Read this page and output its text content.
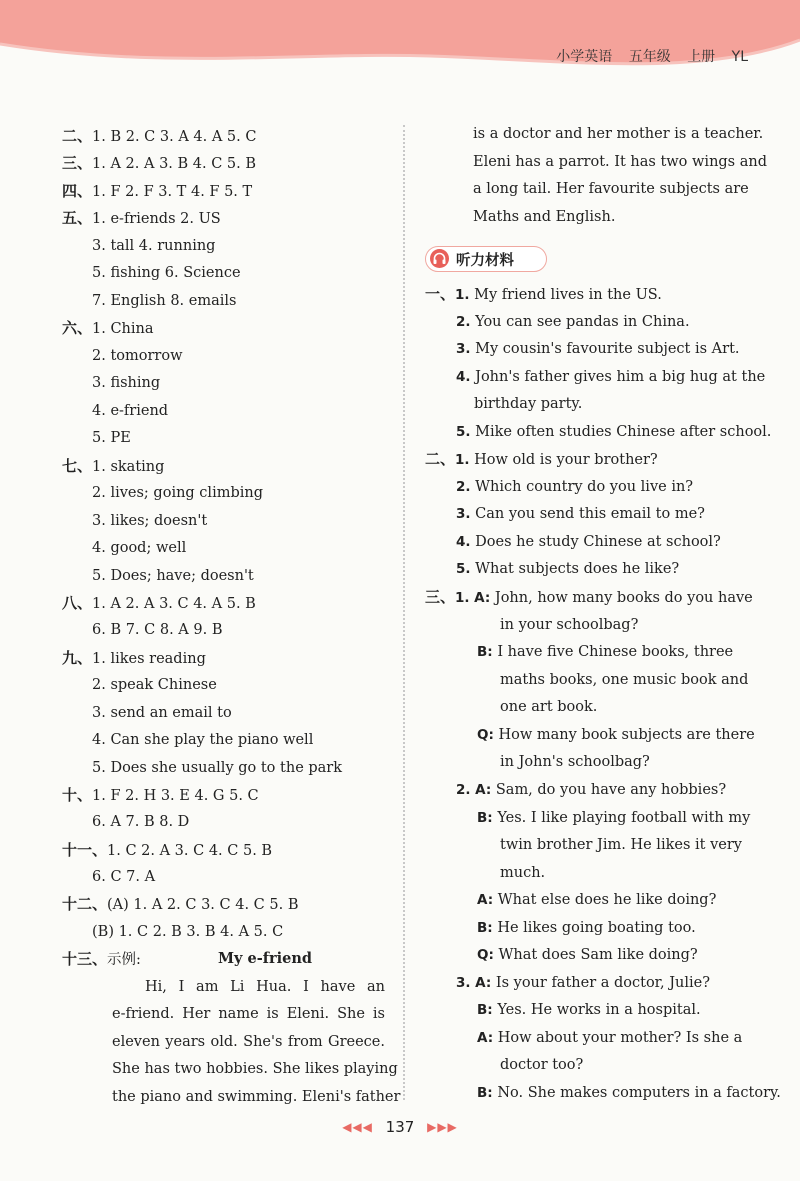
小学英语 五年级 上册 YL
二、1. B 2. C 3. A 4. A 5. C
三、1. A 2. A 3. B 4. C 5. B
四、1. F 2. F 3. T 4. F 5. T
五、1. e-friends 2. US
3. tall 4. running
5. fishing 6. Science
7. English 8. emails
六、1. China
2. tomorrow
3. fishing
4. e-friend
5. PE
七、1. skating
2. lives; going climbing
3. likes; doesn't
4. good; well
5. Does; have; doesn't
八、1. A 2. A 3. C 4. A 5. B
6. B 7. C 8. A 9. B
九、1. likes reading
2. speak Chinese
3. send an email to
4. Can she play the piano well
5. Does she usually go to the park
十、1. F 2. H 3. E 4. G 5. C
6. A 7. B 8. D
十一、1. C 2. A 3. C 4. C 5. B
6. C 7. A
十二、(A) 1. A 2. C 3. C 4. C 5. B
(B) 1. C 2. B 3. B 4. A 5. C
十三、示例:	My e-friend
Hi, I am Li Hua. I have an
e-friend. Her name is Eleni. She is
eleven years old. She's from Greece.
She has two hobbies. She likes playing
the piano and swimming. Eleni's father
is a doctor and her mother is a teacher.
Eleni has a parrot. It has two wings and
a long tail. Her favourite subjects are
Maths and English.
听力材料
一、1. My friend lives in the US.
2. You can see pandas in China.
3. My cousin's favourite subject is Art.
4. John's father gives him a big hug at the
birthday party.
5. Mike often studies Chinese after school.
二、1. How old is your brother?
2. Which country do you live in?
3. Can you send this email to me?
4. Does he study Chinese at school?
5. What subjects does he like?
三、1. A: John, how many books do you have
in your schoolbag?
B: I have five Chinese books, three
maths books, one music book and
one art book.
Q: How many book subjects are there
in John's schoolbag?
2. A: Sam, do you have any hobbies?
B: Yes. I like playing football with my
twin brother Jim. He likes it very
much.
A: What else does he like doing?
B: He likes going boating too.
Q: What does Sam like doing?
3. A: Is your father a doctor, Julie?
B: Yes. He works in a hospital.
A: How about your mother? Is she a
doctor too?
B: No. She makes computers in a factory.
◀◀◀ 137 ▶▶▶
